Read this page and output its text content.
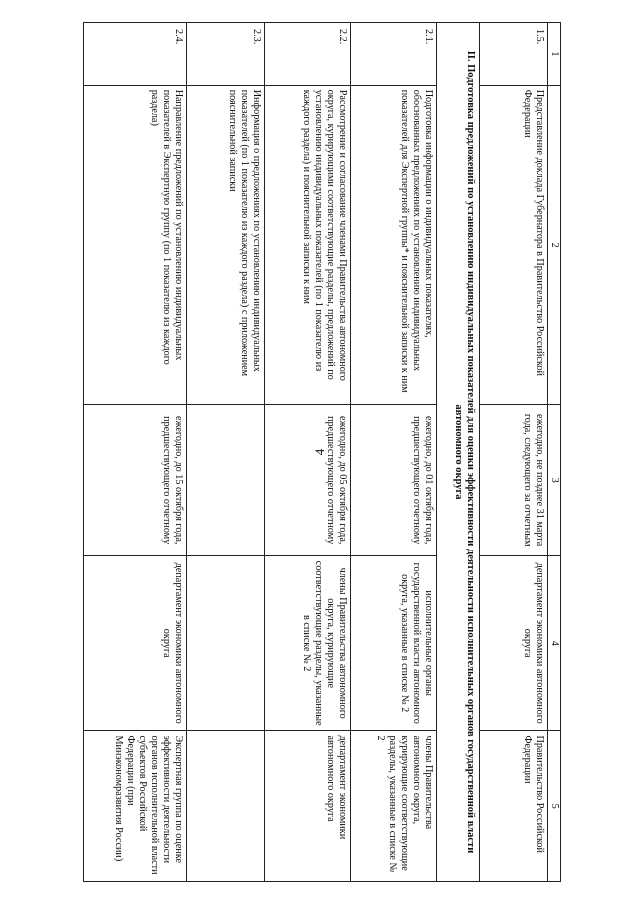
4
1	2	3	4	5
1.5.	Представление доклада Губернатора в Правительство Российской Федерации	ежегодно, не позднее 31 марта года, следующего за отчетным	департамент экономики автономного округа	Правительство Российской Федерации
II. Подготовка предложений по установлению индивидуальных показателей для оценки эффективности деятельности исполнительных органов государственной власти автономного округа				
2.1.	Подготовка информации о индивидуальных показателях, обоснованных предложениях по установлению индивидуальных показателей для Экспертной группы* и пояснительной записки к ним	ежегодно, до 01 октября года, предшествующего отчетному	исполнительные органы государственной власти автономного округа, указанные в списке № 2	члены Правительства автономного округа, курирующие соответствующие разделы, указанные в списке № 2
2.2.	Рассмотрение и согласование членами Правительства автономного округа, курирующими соответствующие разделы, предложений по установлению индивидуальных показателей (по 1 показателю из каждого раздела) и пояснительной записки к ним	ежегодно, до 05 октября года, предшествующего отчетному	члены Правительства автономного округа, курирующие соответствующие разделы, указанные в списке № 2	департамент экономики автономного округа
2.3.	Информация о предложениях по установлению индивидуальных показателей (по 1 показателю из каждого раздела) с приложением пояснительной записки			
2.4.	Направление предложений по установлению индивидуальных показателей в Экспертную группу (по 1 показателю из каждого раздела)	ежегодно, до 15 октября года, предшествующего отчетному	департамент экономики автономного округа	Экспертная группа по оценке эффективности деятельности органов исполнительной власти субъектов Российской Федерации (при Минэкономразвития России)
